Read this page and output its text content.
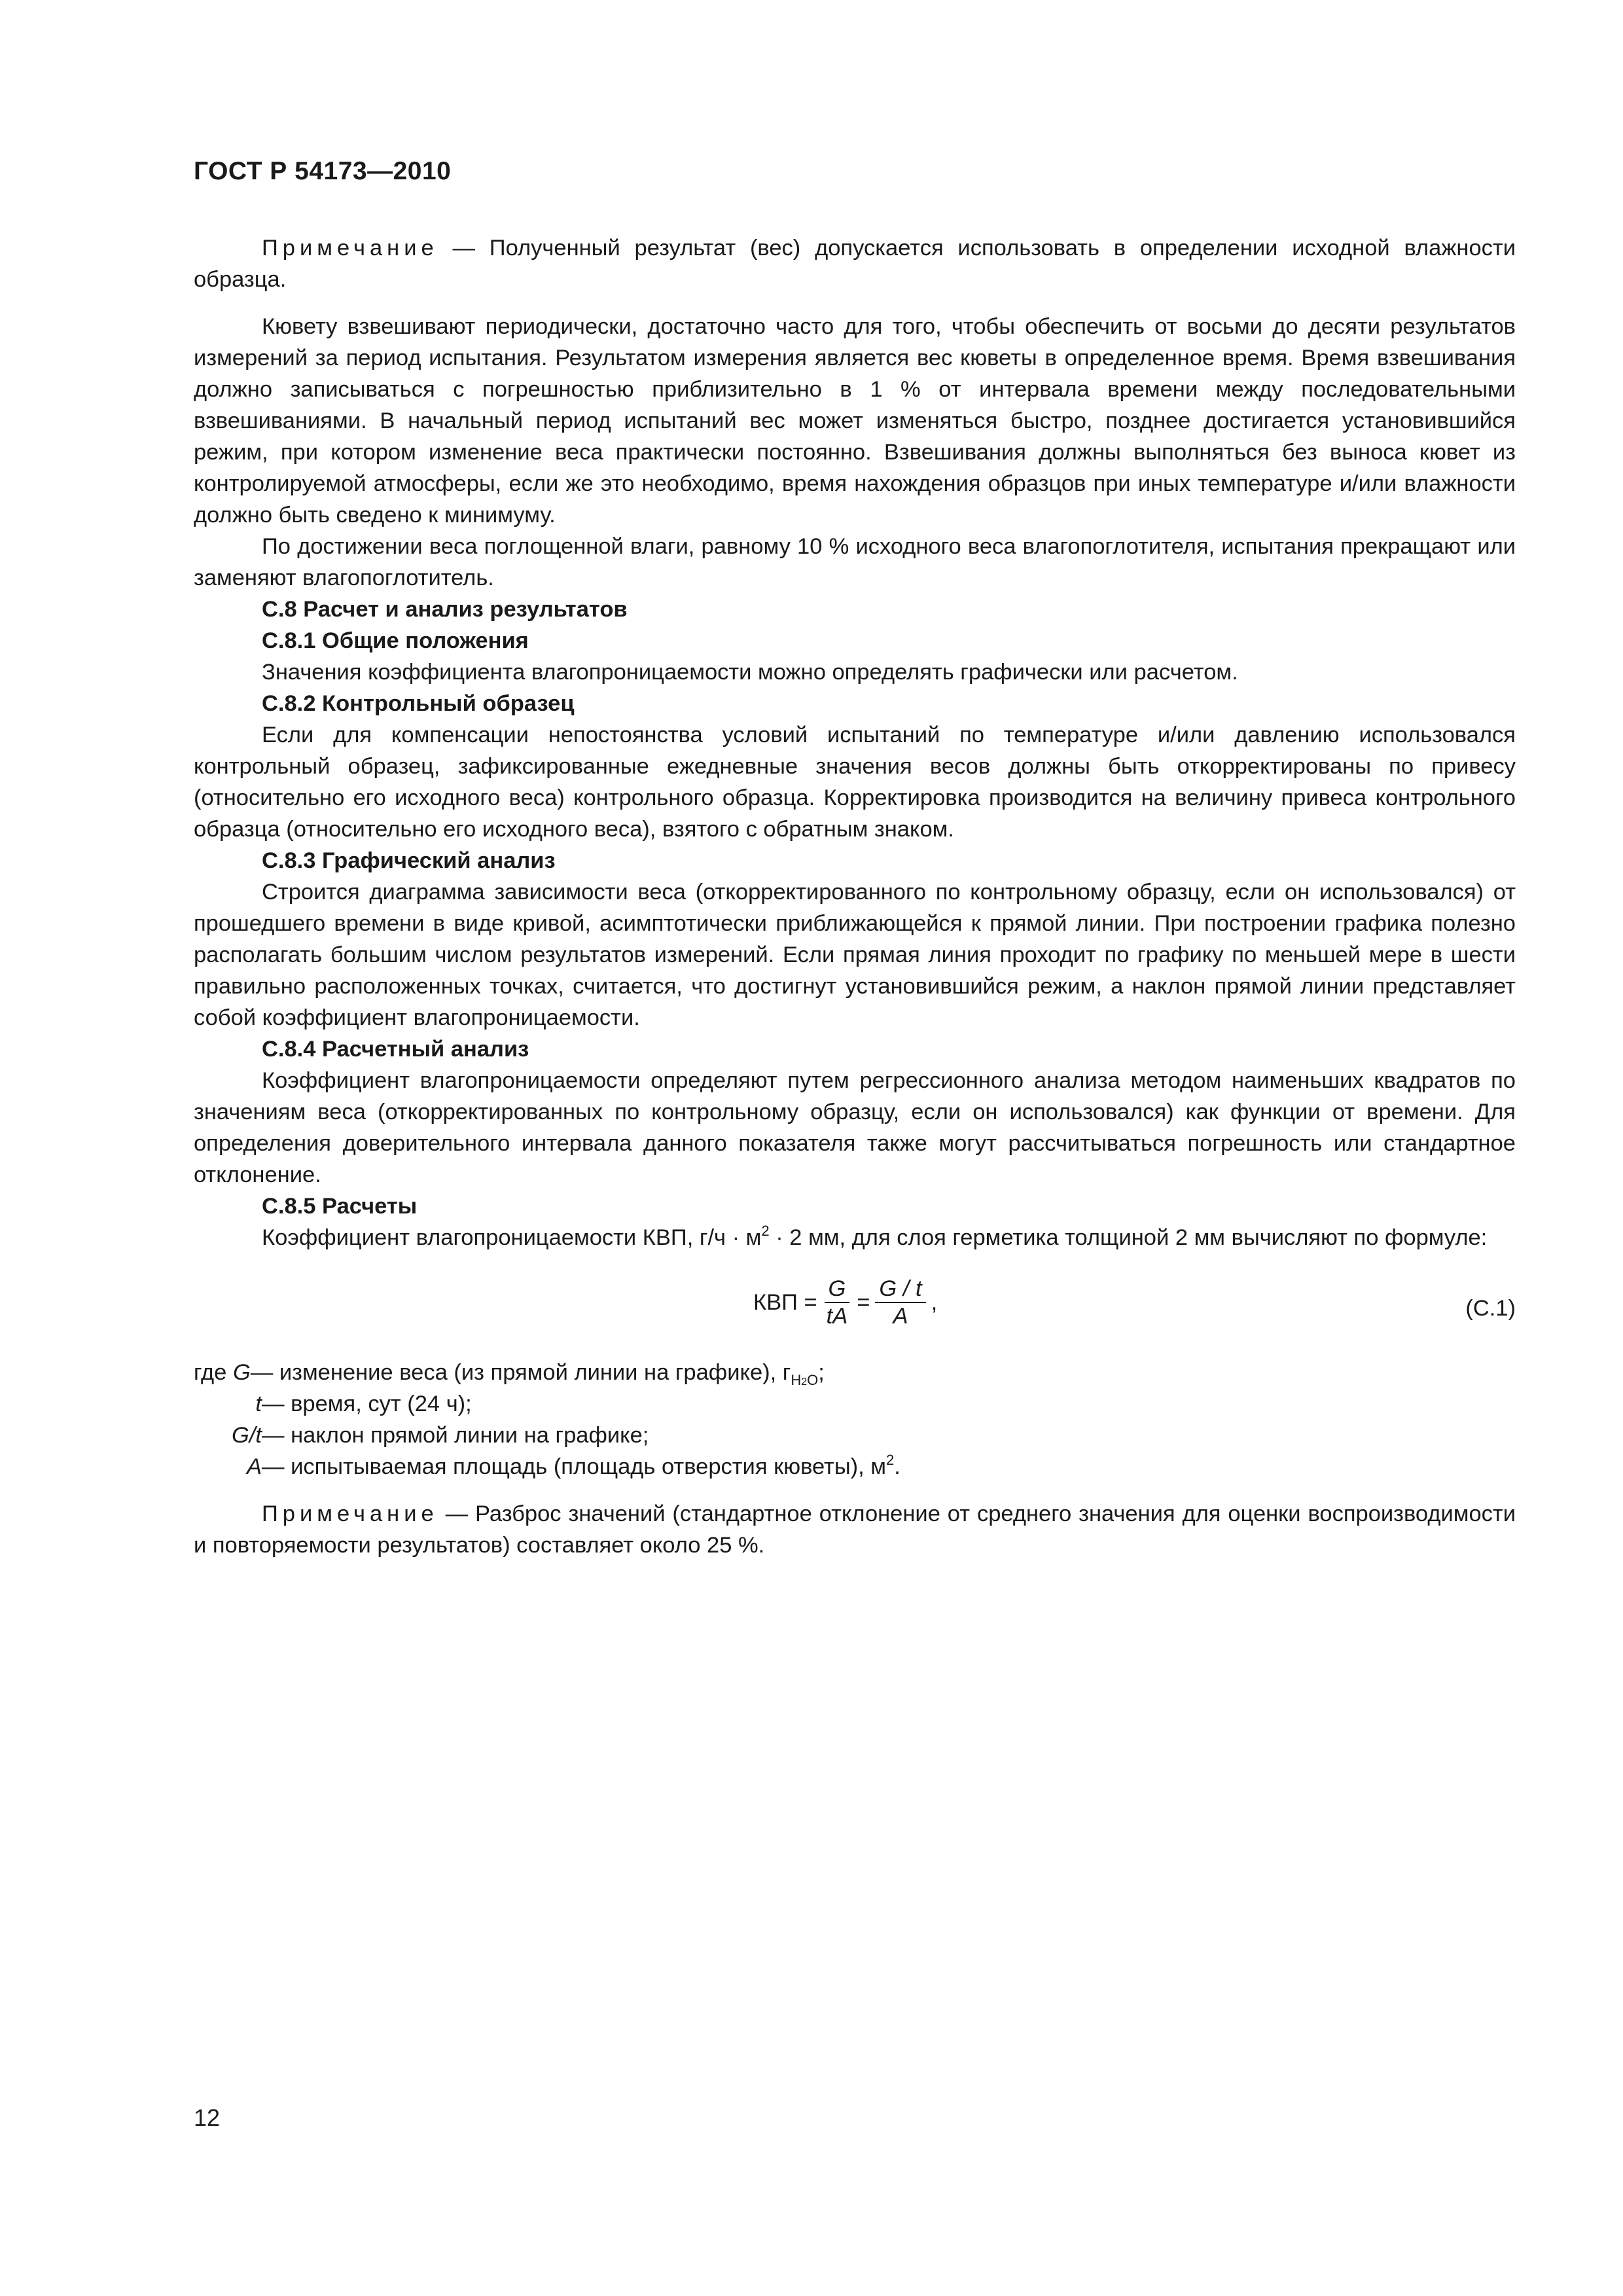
ГОСТ Р 54173—2010

Примечание — Полученный результат (вес) допускается использовать в определении исходной влажности образца.

Кювету взвешивают периодически, достаточно часто для того, чтобы обеспечить от восьми до десяти результатов измерений за период испытания. Результатом измерения является вес кюветы в определенное время. Время взвешивания должно записываться с погрешностью приблизительно в 1 % от интервала времени между последовательными взвешиваниями. В начальный период испытаний вес может изменяться быстро, позднее достигается установившийся режим, при котором изменение веса практически постоянно. Взвешивания должны выполняться без выноса кювет из контролируемой атмосферы, если же это необходимо, время нахождения образцов при иных температуре и/или влажности должно быть сведено к минимуму.

По достижении веса поглощенной влаги, равному 10 % исходного веса влагопоглотителя, испытания прекращают или заменяют влагопоглотитель.

С.8 Расчет и анализ результатов
С.8.1 Общие положения

Значения коэффициента влагопроницаемости можно определять графически или расчетом.

С.8.2 Контрольный образец

Если для компенсации непостоянства условий испытаний по температуре и/или давлению использовался контрольный образец, зафиксированные ежедневные значения весов должны быть откорректированы по привесу (относительно его исходного веса) контрольного образца. Корректировка производится на величину привеса контрольного образца (относительно его исходного веса), взятого с обратным знаком.

С.8.3 Графический анализ

Строится диаграмма зависимости веса (откорректированного по контрольному образцу, если он использовался) от прошедшего времени в виде кривой, асимптотически приближающейся к прямой линии. При построении графика полезно располагать большим числом результатов измерений. Если прямая линия проходит по графику по меньшей мере в шести правильно расположенных точках, считается, что достигнут установившийся режим, а наклон прямой линии представляет собой коэффициент влагопроницаемости.

С.8.4 Расчетный анализ

Коэффициент влагопроницаемости определяют путем регрессионного анализа методом наименьших квадратов по значениям веса (откорректированных по контрольному образцу, если он использовался) как функции от времени. Для определения доверительного интервала данного показателя также могут рассчитываться погрешность или стандартное отклонение.

С.8.5 Расчеты

Коэффициент влагопроницаемости КВП, $г/ч \cdot м^2 \cdot 2$ мм, для слоя герметика толщиной 2 мм вычисляют по формуле:

КВП = $\frac{G}{tA} = \frac{G / t}{A}$ ,	(С.1)
где G — изменение веса (из прямой линии на графике), $г_{H2O}$;
t — время, сут (24 ч);
G/t — наклон прямой линии на графике;
A — испытываемая площадь (площадь отверстия кюветы), $м^2$.

Примечание — Разброс значений (стандартное отклонение от среднего значения для оценки воспроизводимости и повторяемости результатов) составляет около 25 %.

12
